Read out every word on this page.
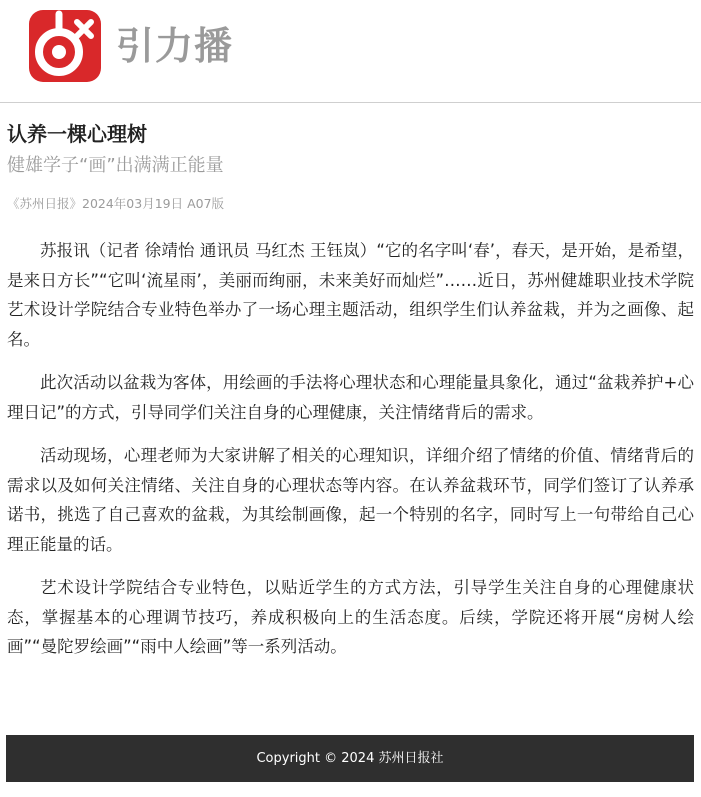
引力播
认养一棵心理树
健雄学子“画”出满满正能量
《苏州日报》2024年03月19日 A07版

苏报讯（记者 徐靖怡 通讯员 马红杰 王钰岚）“它的名字叫‘春’，春天，是开始，是希望，是来日方长”“它叫‘流星雨’，美丽而绚丽，未来美好而灿烂”……近日，苏州健雄职业技术学院艺术设计学院结合专业特色举办了一场心理主题活动，组织学生们认养盆栽，并为之画像、起名。

此次活动以盆栽为客体，用绘画的手法将心理状态和心理能量具象化，通过“盆栽养护+心理日记”的方式，引导同学们关注自身的心理健康，关注情绪背后的需求。

活动现场，心理老师为大家讲解了相关的心理知识，详细介绍了情绪的价值、情绪背后的需求以及如何关注情绪、关注自身的心理状态等内容。在认养盆栽环节，同学们签订了认养承诺书，挑选了自己喜欢的盆栽，为其绘制画像，起一个特别的名字，同时写上一句带给自己心理正能量的话。

艺术设计学院结合专业特色，以贴近学生的方式方法，引导学生关注自身的心理健康状态，掌握基本的心理调节技巧，养成积极向上的生活态度。后续，学院还将开展“房树人绘画”“曼陀罗绘画”“雨中人绘画”等一系列活动。

Copyright © 2024 苏州日报社
